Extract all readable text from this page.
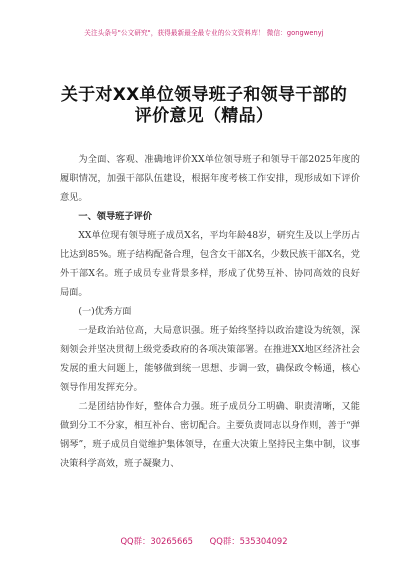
关注头条号"公文研究"，获得最新最全最专业的公文资料库！ 微信：gongwenyj
关于对XX单位领导班子和领导干部的
评价意见（精品）

为全面、客观、准确地评价XX单位领导班子和领导干部2025年度的履职情况，加强干部队伍建设，根据年度考核工作安排，现形成如下评价意见。

一、领导班子评价

XX单位现有领导班子成员X名，平均年龄48岁，研究生及以上学历占比达到85%。班子结构配备合理，包含女干部X名，少数民族干部X名，党外干部X名。班子成员专业背景多样，形成了优势互补、协同高效的良好局面。

(一)优秀方面

一是政治站位高，大局意识强。班子始终坚持以政治建设为统领，深刻领会并坚决贯彻上级党委政府的各项决策部署。在推进XX地区经济社会发展的重大问题上，能够做到统一思想、步调一致，确保政令畅通，核心领导作用发挥充分。

二是团结协作好，整体合力强。班子成员分工明确、职责清晰，又能做到分工不分家，相互补台、密切配合。主要负责同志以身作则，善于“弹钢琴”，班子成员自觉维护集体领导，在重大决策上坚持民主集中制，议事决策科学高效，班子凝聚力、

QQ群：30265665 QQ群：535304092
